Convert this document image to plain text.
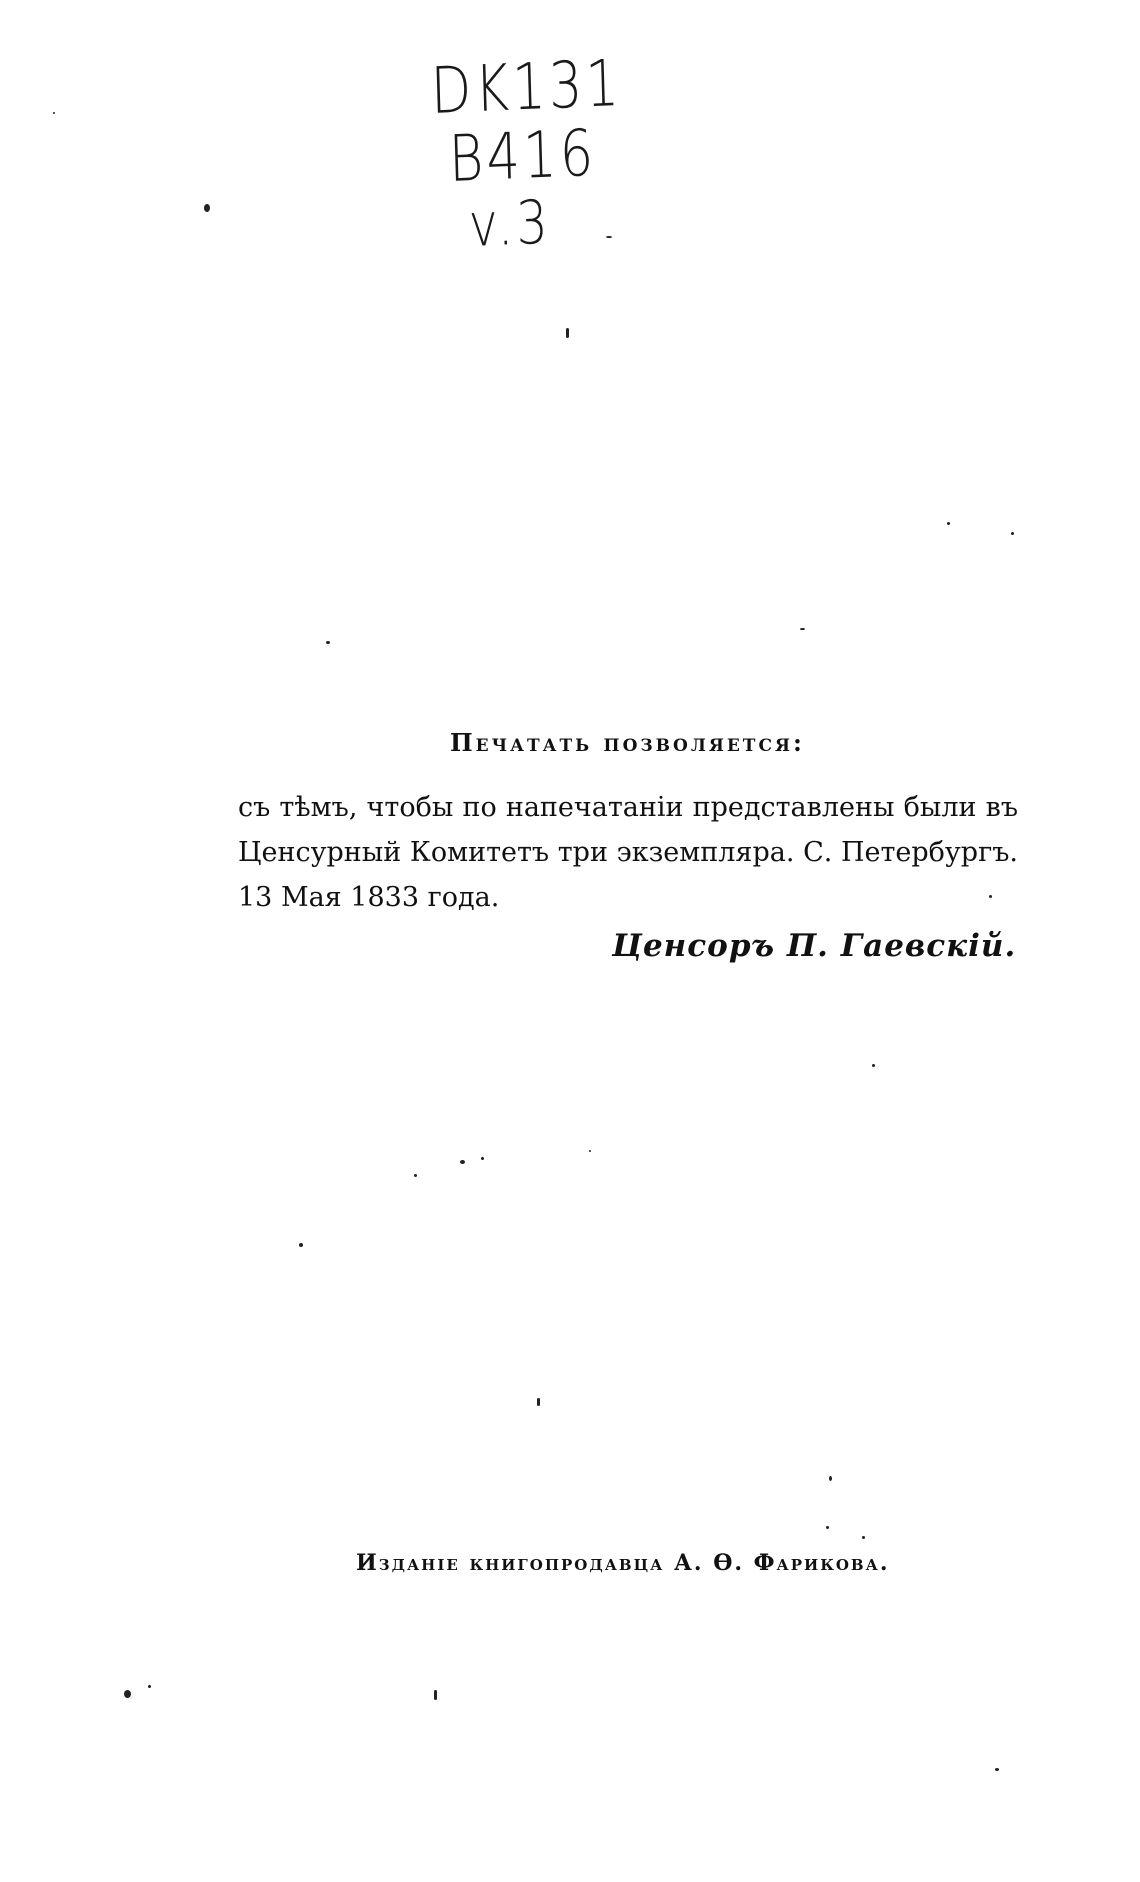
DK131
B416
v.3
Печатать позволяется:
съ тѣмъ, чтобы по напечатаніи представлены были въ
Ценсурный Комитетъ три экземпляра. С. Петербургъ.
13 Мая 1833 года.
Ценсоръ П. Гаевскій.
Изданіе книгопродавца А. Ѳ. Фарикова.
